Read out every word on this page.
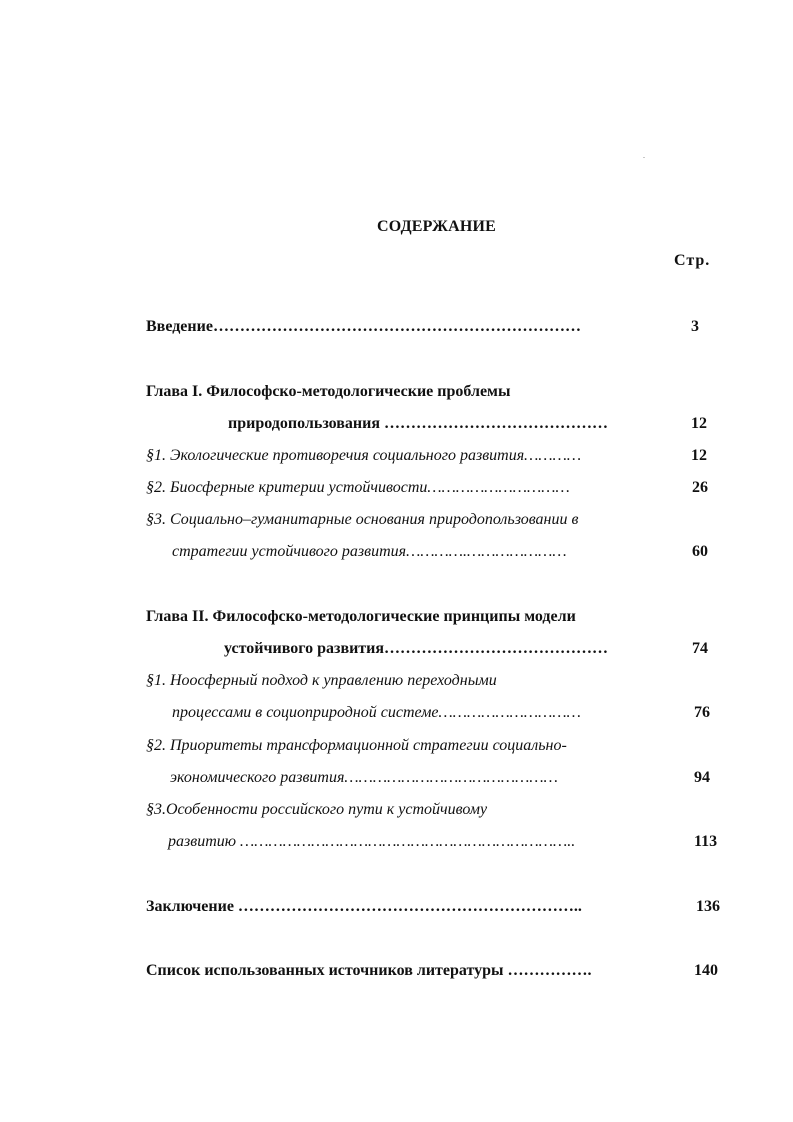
СОДЕРЖАНИЕ
Стр.
Введение……………………………………………………………	3
Глава I. Философско-методологические проблемы
природопользования ……………………………………	12
§1. Экологические противоречия социального развития…………	12
§2. Биосферные критерии устойчивости…………………………	26
§3. Социально–гуманитарные основания природопользовании в
стратегии устойчивого развития………….…………………	60
Глава II. Философско-методологические принципы модели
устойчивого развития……………………………………	74
§1. Ноосферный подход к управлению переходными
процессами в социоприродной системе…………………………	76
§2. Приоритеты трансформационной стратегии социально-
экономического развития………………………………………	94
§3.Особенности российского пути к устойчивому
развитию ……………………………………………………………..	113
Заключение ………………………………………………………..	136
Список использованных источников литературы …………….	140
